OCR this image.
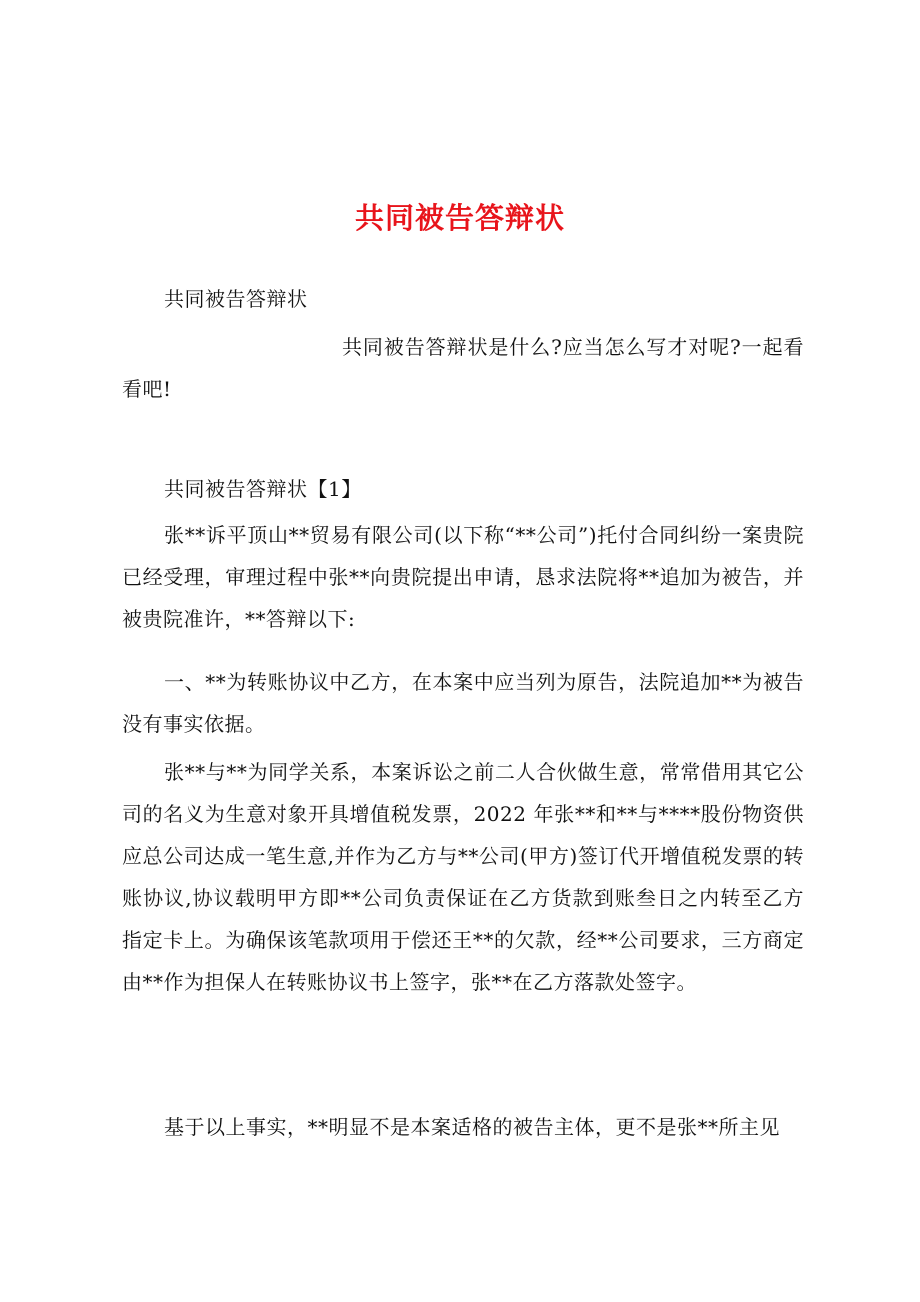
共同被告答辩状

共同被告答辩状

共同被告答辩状是什么?应当怎么写才对呢?一起看看吧!

共同被告答辩状【1】

张**诉平顶山**贸易有限公司(以下称“**公司”)托付合同纠纷一案贵院已经受理，审理过程中张**向贵院提出申请，恳求法院将**追加为被告，并被贵院准许，**答辩以下:

一、**为转账协议中乙方，在本案中应当列为原告，法院追加**为被告没有事实依据。

张**与**为同学关系，本案诉讼之前二人合伙做生意，常常借用其它公司的名义为生意对象开具增值税发票，2022 年张**和**与****股份物资供应总公司达成一笔生意,并作为乙方与**公司(甲方)签订代开增值税发票的转账协议,协议载明甲方即**公司负责保证在乙方货款到账叁日之内转至乙方指定卡上。为确保该笔款项用于偿还王**的欠款，经**公司要求，三方商定由**作为担保人在转账协议书上签字，张**在乙方落款处签字。

基于以上事实，**明显不是本案适格的被告主体，更不是张**所主见
